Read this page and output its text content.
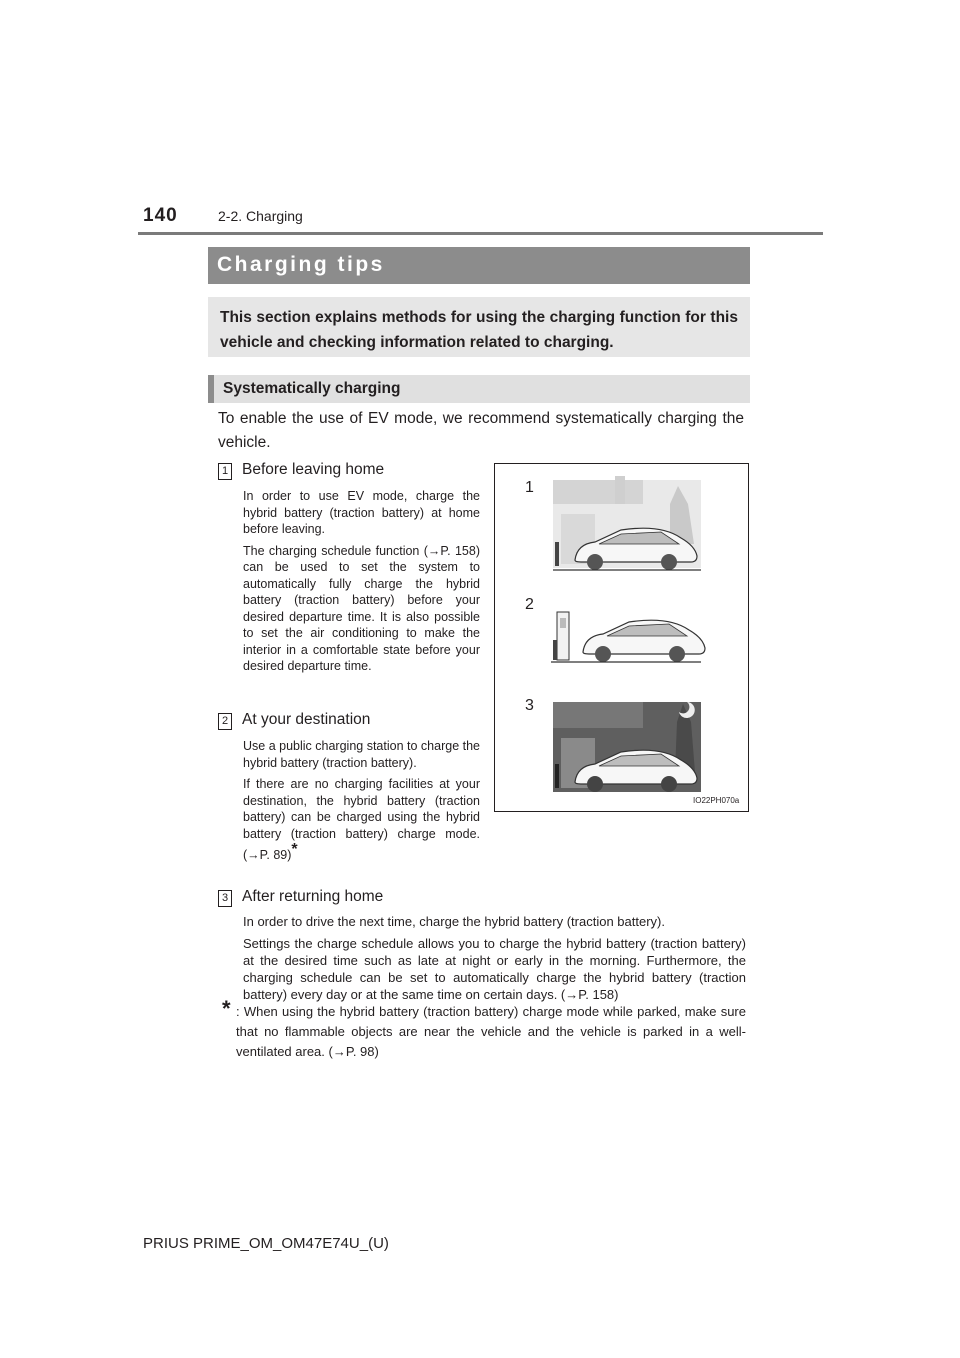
140	2-2. Charging
Charging tips

This section explains methods for using the charging function for this vehicle and checking information related to charging.

Systematically charging
To enable the use of EV mode, we recommend systematically charging the vehicle.
1 Before leaving home

In order to use EV mode, charge the hybrid battery (traction battery) at home before leaving.

The charging schedule function (→P. 158) can be used to set the system to automatically fully charge the hybrid battery (traction battery) before your desired departure time. It is also possible to set the air conditioning to make the interior in a comfortable state before your desired departure time.

2 At your destination

Use a public charging station to charge the hybrid battery (traction battery).

If there are no charging facilities at your destination, the hybrid battery (traction battery) can be charged using the hybrid battery (traction battery) charge mode. (→P. 89)*

3 After returning home

In order to drive the next time, charge the hybrid battery (traction battery).

Settings the charge schedule allows you to charge the hybrid battery (traction battery) at the desired time such as late at night or early in the morning. Furthermore, the charging schedule can be set to automatically charge the hybrid battery (traction battery) every day or at the same time on certain days. (→P. 158)

* : When using the hybrid battery (traction battery) charge mode while parked, make sure that no flammable objects are near the vehicle and the vehicle is parked in a well-ventilated area. (→P. 98)
1
2
3
IO22PH070a
PRIUS PRIME_OM_OM47E74U_(U)
